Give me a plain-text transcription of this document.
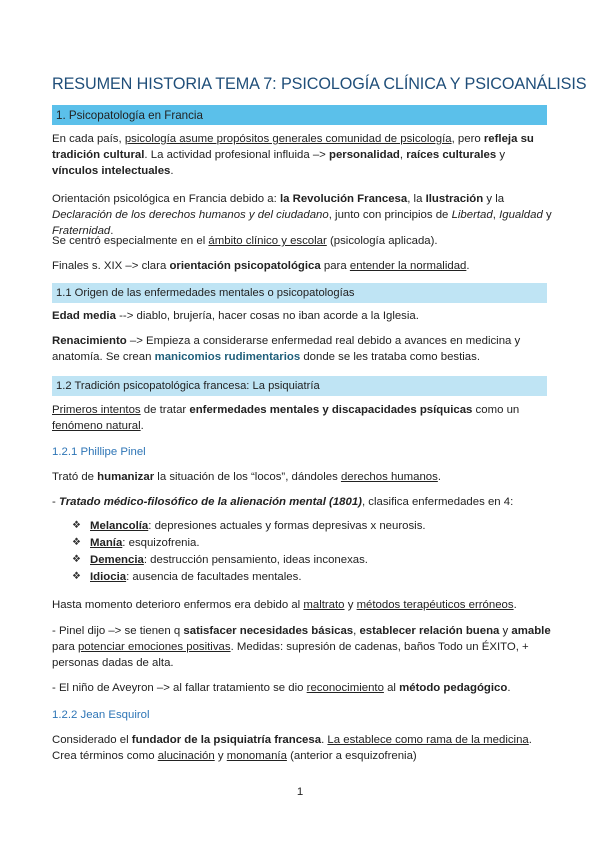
RESUMEN HISTORIA TEMA 7: PSICOLOGÍA CLÍNICA Y PSICOANÁLISIS
1. Psicopatología en Francia
En cada país, psicología asume propósitos generales comunidad de psicología, pero refleja su tradición cultural. La actividad profesional influida –> personalidad, raíces culturales y vínculos intelectuales.
Orientación psicológica en Francia debido a: la Revolución Francesa, la Ilustración y la Declaración de los derechos humanos y del ciudadano, junto con principios de Libertad, Igualdad y Fraternidad.
Se centró especialmente en el ámbito clínico y escolar (psicología aplicada).
Finales s. XIX –> clara orientación psicopatológica para entender la normalidad.
1.1 Origen de las enfermedades mentales o psicopatologías
Edad media --> diablo, brujería, hacer cosas no iban acorde a la Iglesia.
Renacimiento –> Empieza a considerarse enfermedad real debido a avances en medicina y anatomía. Se crean manicomios rudimentarios donde se les trataba como bestias.
1.2 Tradición psicopatológica francesa: La psiquiatría
Primeros intentos de tratar enfermedades mentales y discapacidades psíquicas como un fenómeno natural.
1.2.1 Phillipe Pinel
Trató de humanizar la situación de los “locos”, dándoles derechos humanos.
- Tratado médico-filosófico de la alienación mental (1801), clasifica enfermedades en 4:
❖ Melancolía: depresiones actuales y formas depresivas x neurosis.
❖ Manía: esquizofrenia.
❖ Demencia: destrucción pensamiento, ideas inconexas.
❖ Idiocia: ausencia de facultades mentales.
Hasta momento deterioro enfermos era debido al maltrato y métodos terapéuticos erróneos.
- Pinel dijo –> se tienen q satisfacer necesidades básicas, establecer relación buena y amable para potenciar emociones positivas. Medidas: supresión de cadenas, baños Todo un ÉXITO, + personas dadas de alta.
- El niño de Aveyron –> al fallar tratamiento se dio reconocimiento al método pedagógico.
1.2.2 Jean Esquirol
Considerado el fundador de la psiquiatría francesa. La establece como rama de la medicina. Crea términos como alucinación y monomanía (anterior a esquizofrenia)
1
